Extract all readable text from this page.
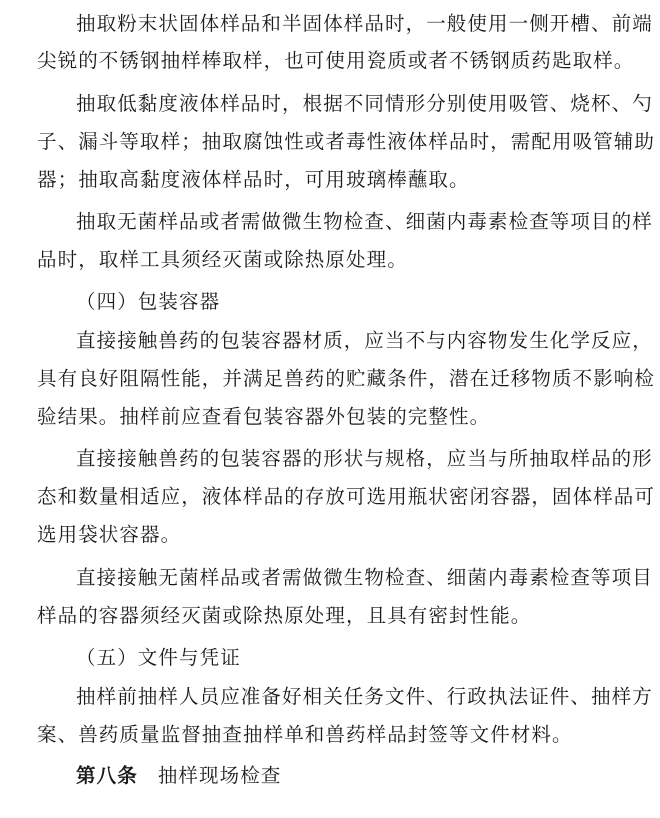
抽取粉末状固体样品和半固体样品时，一般使用一侧开槽、前端
尖锐的不锈钢抽样棒取样，也可使用瓷质或者不锈钢质药匙取样。
抽取低黏度液体样品时，根据不同情形分别使用吸管、烧杯、勺
子、漏斗等取样；抽取腐蚀性或者毒性液体样品时，需配用吸管辅助
器；抽取高黏度液体样品时，可用玻璃棒蘸取。
抽取无菌样品或者需做微生物检查、细菌内毒素检查等项目的样
品时，取样工具须经灭菌或除热原处理。
（四）包装容器
直接接触兽药的包装容器材质，应当不与内容物发生化学反应，
具有良好阻隔性能，并满足兽药的贮藏条件，潜在迁移物质不影响检
验结果。抽样前应查看包装容器外包装的完整性。
直接接触兽药的包装容器的形状与规格，应当与所抽取样品的形
态和数量相适应，液体样品的存放可选用瓶状密闭容器，固体样品可
选用袋状容器。
直接接触无菌样品或者需做微生物检查、细菌内毒素检查等项目
样品的容器须经灭菌或除热原处理，且具有密封性能。
（五）文件与凭证
抽样前抽样人员应准备好相关任务文件、行政执法证件、抽样方
案、兽药质量监督抽查抽样单和兽药样品封签等文件材料。
第八条 抽样现场检查
